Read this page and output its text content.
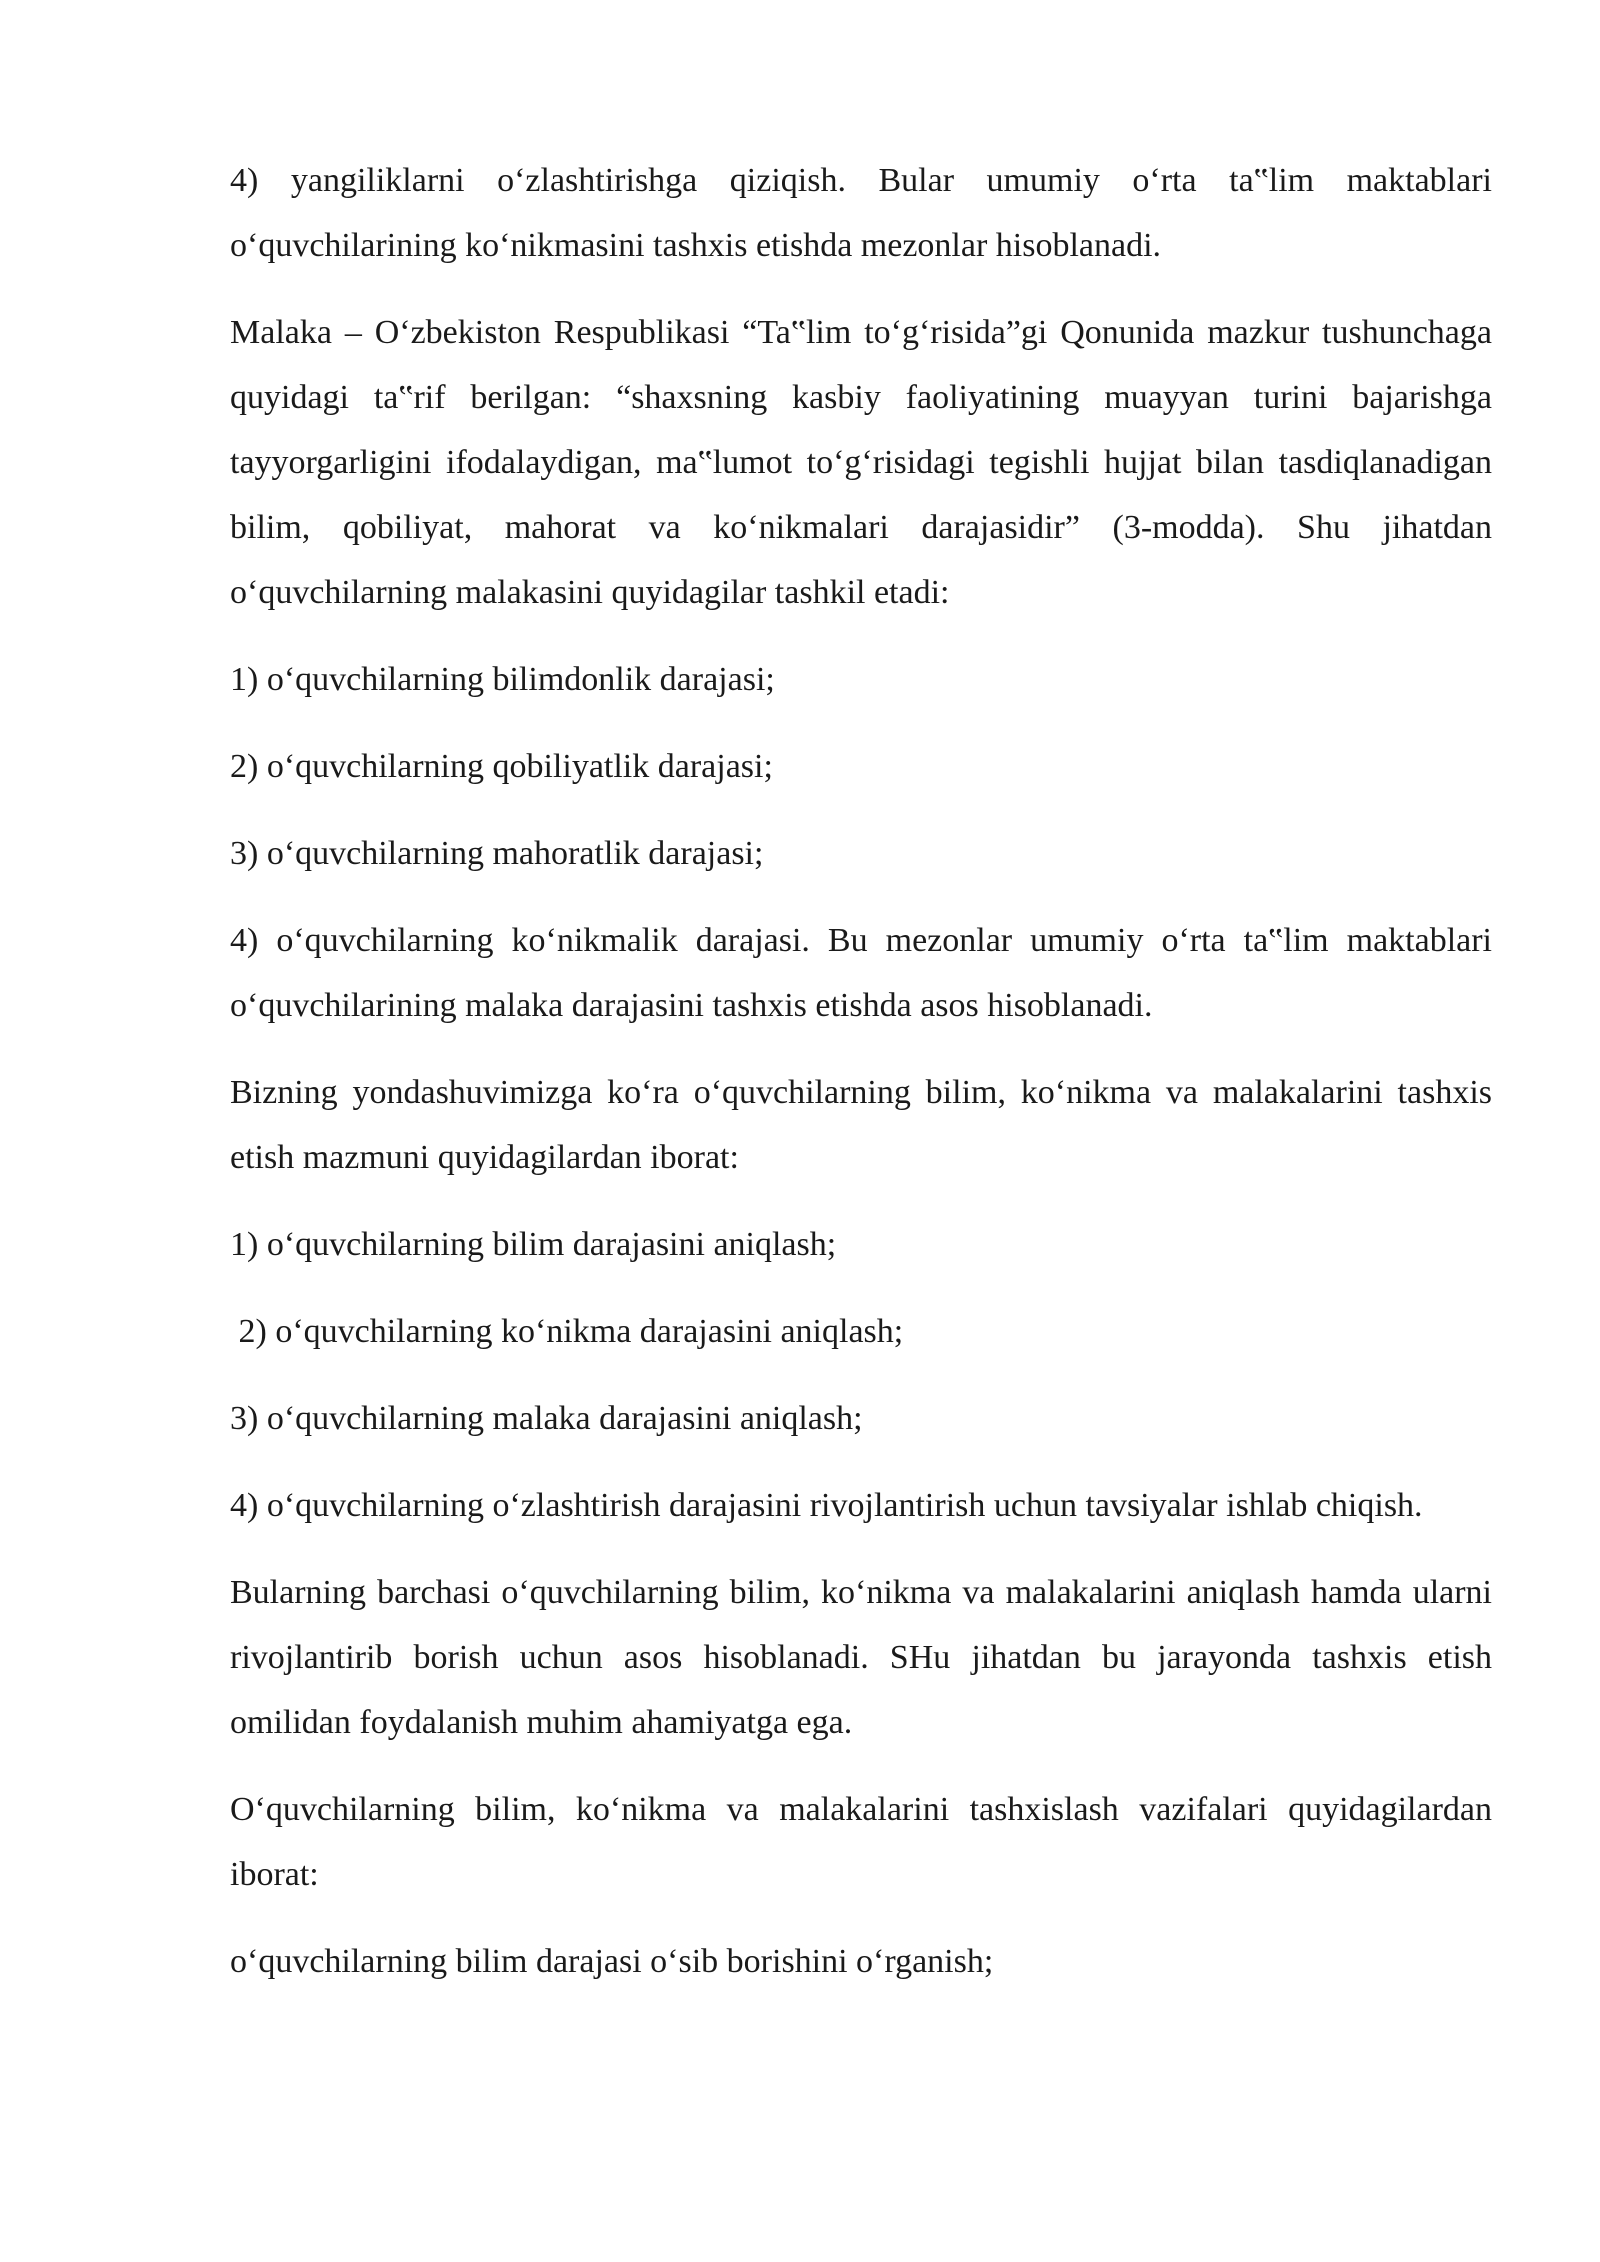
4) yangiliklarni o‘zlashtirishga qiziqish. Bular umumiy o‘rta ta‟lim maktablari o‘quvchilarining ko‘nikmasini tashxis etishda mezonlar hisoblanadi.

Malaka – O‘zbekiston Respublikasi “Ta‟lim to‘g‘risida”gi Qonunida mazkur tushunchaga quyidagi ta‟rif berilgan: “shaxsning kasbiy faoliyatining muayyan turini bajarishga tayyorgarligini ifodalaydigan, ma‟lumot to‘g‘risidagi tegishli hujjat bilan tasdiqlanadigan bilim, qobiliyat, mahorat va ko‘nikmalari darajasidir” (3-modda). Shu jihatdan o‘quvchilarning malakasini quyidagilar tashkil etadi:

1) o‘quvchilarning bilimdonlik darajasi;

2) o‘quvchilarning qobiliyatlik darajasi;

3) o‘quvchilarning mahoratlik darajasi;

4) o‘quvchilarning ko‘nikmalik darajasi. Bu mezonlar umumiy o‘rta ta‟lim maktablari o‘quvchilarining malaka darajasini tashxis etishda asos hisoblanadi.

Bizning yondashuvimizga ko‘ra o‘quvchilarning bilim, ko‘nikma va malakalarini tashxis etish mazmuni quyidagilardan iborat:

1) o‘quvchilarning bilim darajasini aniqlash;

2) o‘quvchilarning ko‘nikma darajasini aniqlash;

3) o‘quvchilarning malaka darajasini aniqlash;

4) o‘quvchilarning o‘zlashtirish darajasini rivojlantirish uchun tavsiyalar ishlab chiqish.

Bularning barchasi o‘quvchilarning bilim, ko‘nikma va malakalarini aniqlash hamda ularni rivojlantirib borish uchun asos hisoblanadi. SHu jihatdan bu jarayonda tashxis etish omilidan foydalanish muhim ahamiyatga ega.

O‘quvchilarning bilim, ko‘nikma va malakalarini tashxislash vazifalari quyidagilardan iborat:

o‘quvchilarning bilim darajasi o‘sib borishini o‘rganish;
